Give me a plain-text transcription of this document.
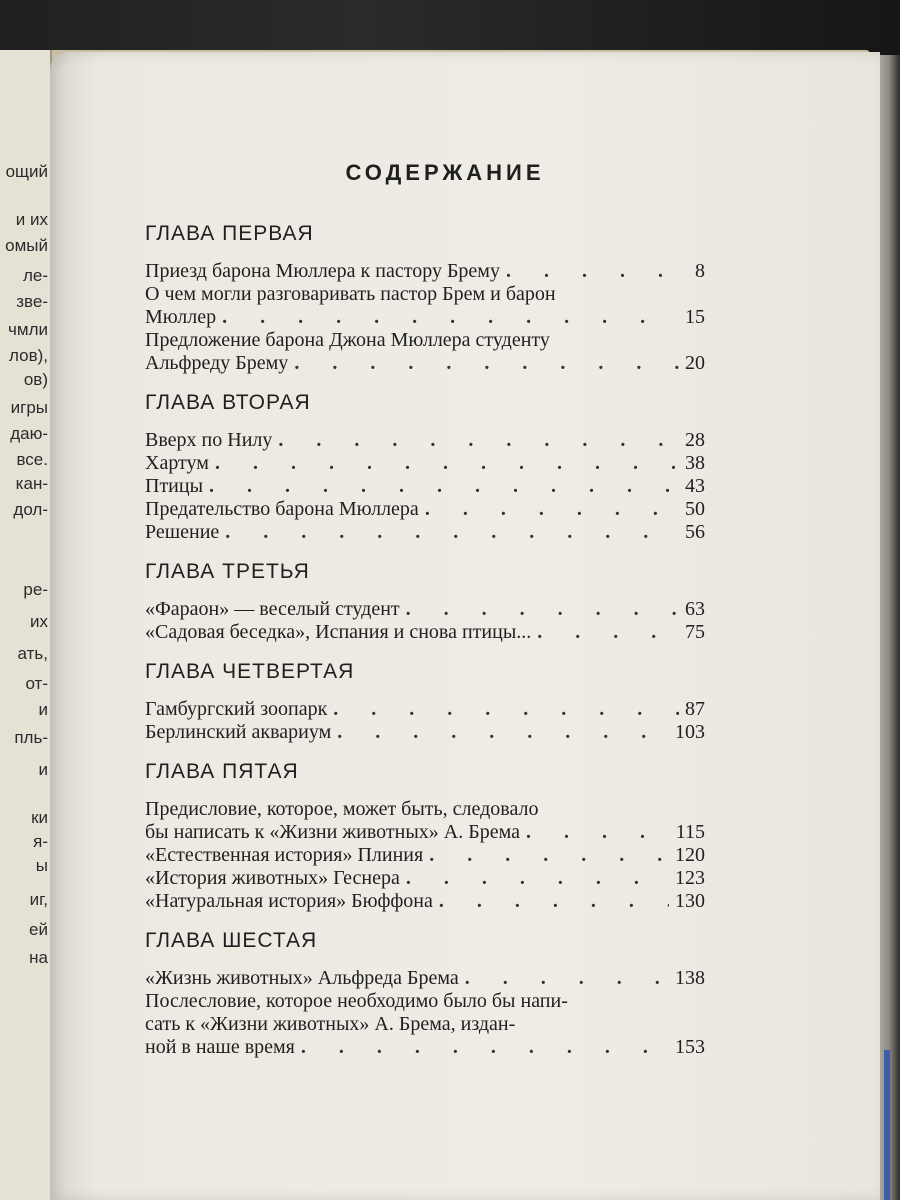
ощий
и их
омый
ле-
зве-
чмли
лов),
ов)
игры
даю-
все.
кан-
дол-
ре-
их
ать,
от-
и
пль-
и
ки
я-
ы
иг,
ей
на
СОДЕРЖАНИЕ
ГЛАВА ПЕРВАЯ
Приезд барона Мюллера к пастору Брему . . .	8
О чем могли разговаривать пастор Брем и барон
Мюллер . . .	15
Предложение барона Джона Мюллера студенту
Альфреду Брему . . .	20
ГЛАВА ВТОРАЯ
Вверх по Нилу . . .	28
Хартум . . .	38
Птицы . . .	43
Предательство барона Мюллера . . .	50
Решение . . .	56
ГЛАВА ТРЕТЬЯ
«Фараон» — веселый студент . . .	63
«Садовая беседка», Испания и снова птицы... . . .	75
ГЛАВА ЧЕТВЕРТАЯ
Гамбургский зоопарк . . .	87
Берлинский аквариум . . .	103
ГЛАВА ПЯТАЯ
Предисловие, которое, может быть, следовало
бы написать к «Жизни животных» А. Брема . . .	115
«Естественная история» Плиния . . .	120
«История животных» Геснера . . .	123
«Натуральная история» Бюффона . . .	130
ГЛАВА ШЕСТАЯ
«Жизнь животных» Альфреда Брема . . .	138
Послесловие, которое необходимо было бы напи-
сать к «Жизни животных» А. Брема, издан-
ной в наше время . . .	153
